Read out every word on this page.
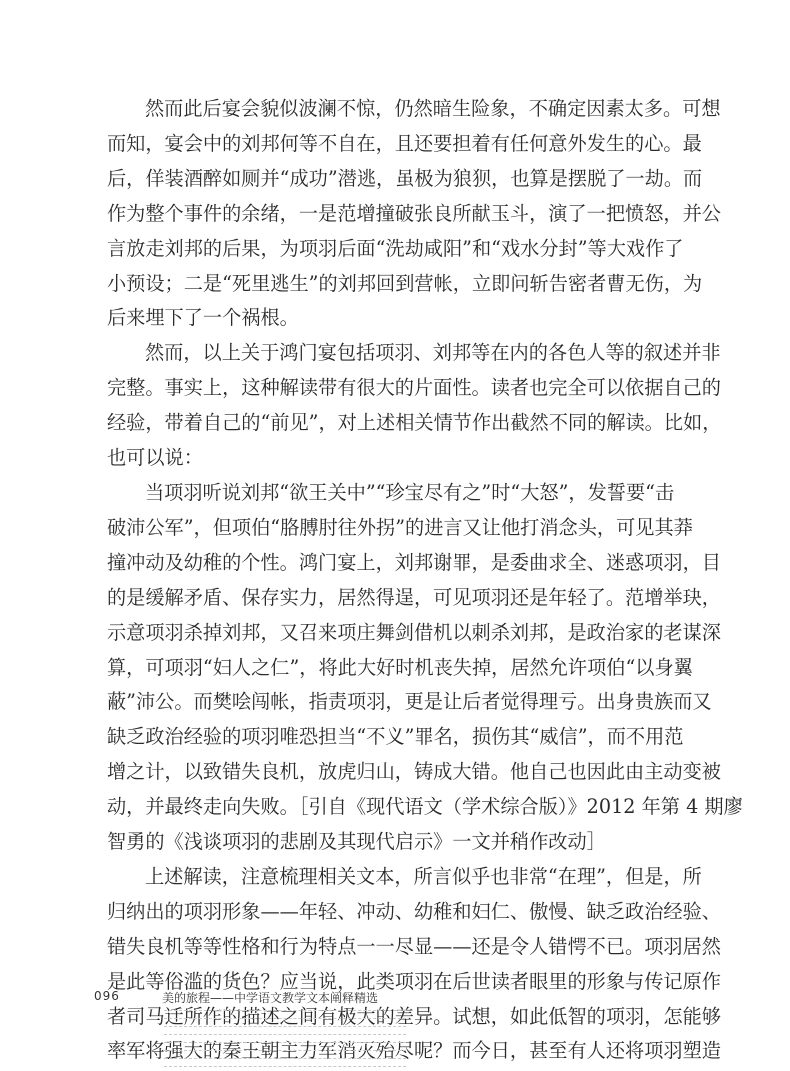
然而此后宴会貌似波澜不惊，仍然暗生险象，不确定因素太多。可想
而知，宴会中的刘邦何等不自在，且还要担着有任何意外发生的心。最
后，佯装酒醉如厕并“成功”潜逃，虽极为狼狈，也算是摆脱了一劫。而
作为整个事件的余绪，一是范增撞破张良所献玉斗，演了一把愤怒，并公
言放走刘邦的后果，为项羽后面“洗劫咸阳”和“戏水分封”等大戏作了
小预设；二是“死里逃生”的刘邦回到营帐，立即问斩告密者曹无伤，为
后来埋下了一个祸根。

然而，以上关于鸿门宴包括项羽、刘邦等在内的各色人等的叙述并非
完整。事实上，这种解读带有很大的片面性。读者也完全可以依据自己的
经验，带着自己的“前见”，对上述相关情节作出截然不同的解读。比如，
也可以说：

当项羽听说刘邦“欲王关中”“珍宝尽有之”时“大怒”，发誓要“击
破沛公军”，但项伯“胳膊肘往外拐”的进言又让他打消念头，可见其莽
撞冲动及幼稚的个性。鸿门宴上，刘邦谢罪，是委曲求全、迷惑项羽，目
的是缓解矛盾、保存实力，居然得逞，可见项羽还是年轻了。范增举玦，
示意项羽杀掉刘邦，又召来项庄舞剑借机以刺杀刘邦，是政治家的老谋深
算，可项羽“妇人之仁”，将此大好时机丧失掉，居然允许项伯“以身翼
蔽”沛公。而樊哙闯帐，指责项羽，更是让后者觉得理亏。出身贵族而又
缺乏政治经验的项羽唯恐担当“不义”罪名，损伤其“威信”，而不用范
增之计，以致错失良机，放虎归山，铸成大错。他自己也因此由主动变被
动，并最终走向失败。［引自《现代语文（学术综合版）》2012 年第 4 期廖
智勇的《浅谈项羽的悲剧及其现代启示》一文并稍作改动］

上述解读，注意梳理相关文本，所言似乎也非常“在理”，但是，所
归纳出的项羽形象——年轻、冲动、幼稚和妇仁、傲慢、缺乏政治经验、
错失良机等等性格和行为特点一一尽显——还是令人错愕不已。项羽居然
是此等俗滥的货色？应当说，此类项羽在后世读者眼里的形象与传记原作
者司马迁所作的描述之间有极大的差异。试想，如此低智的项羽，怎能够
率军将强大的秦王朝主力军消灭殆尽呢？而今日，甚至有人还将项羽塑造

096	美的旅程——中学语文教学文本阐释精选
